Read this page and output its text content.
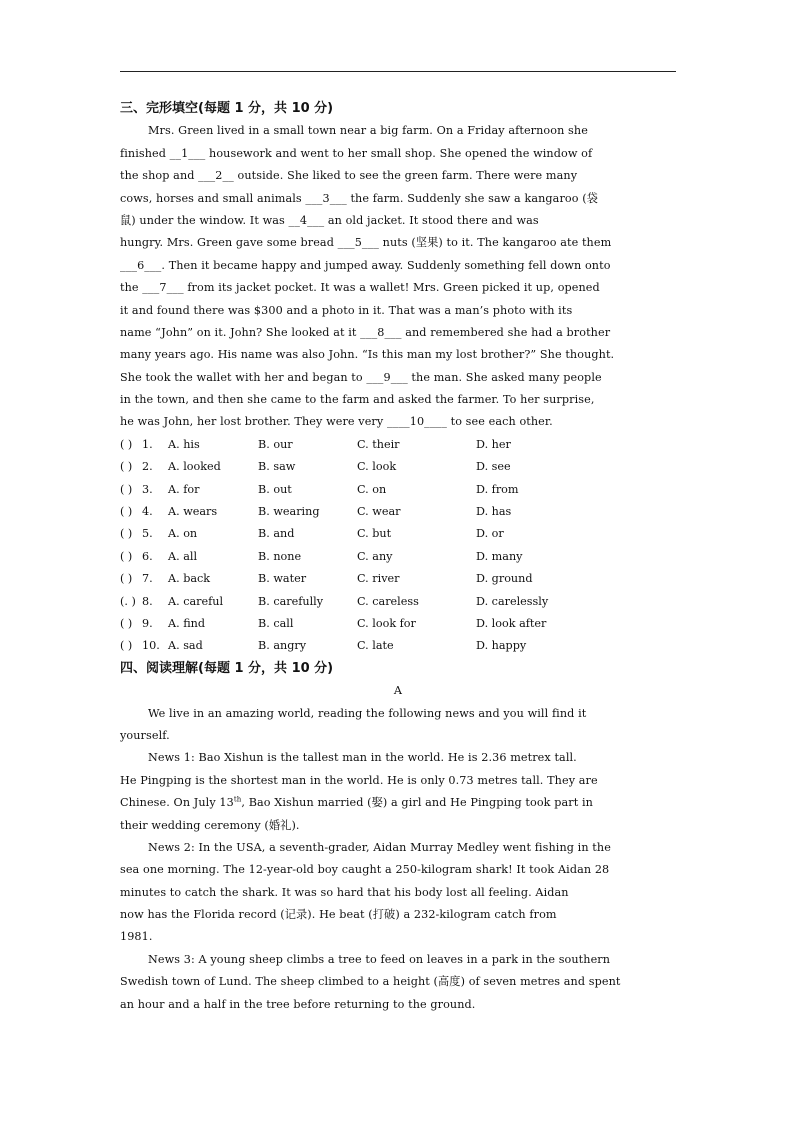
三、完形填空(每题 1 分，共 10 分)
Mrs. Green lived in a small town near a big farm. On a Friday afternoon she
finished __1___ housework and went to her small shop. She opened the window of
the shop and ___2__ outside. She liked to see the green farm. There were many
cows, horses and small animals ___3___ the farm. Suddenly she saw a kangaroo (袋
鼠) under the window. It was __4___ an old jacket. It stood there and was
hungry. Mrs. Green gave some bread ___5___ nuts (坚果) to it. The kangaroo ate them
___6___. Then it became happy and jumped away. Suddenly something fell down onto
the ___7___ from its jacket pocket. It was a wallet! Mrs. Green picked it up, opened
it and found there was $300 and a photo in it. That was a man’s photo with its
name “John” on it. John? She looked at it ___8___ and remembered she had a brother
many years ago. His name was also John. “Is this man my lost brother?” She thought.
She took the wallet with her and began to ___9___ the man. She asked many people
in the town, and then she came to the farm and asked the farmer. To her surprise,
he was John, her lost brother. They were very ____10____ to see each other.
( ) 1. A. his	B. our	C. their	D. her
( ) 2. A. looked	B. saw	C. look	D. see
( ) 3. A. for	B. out	C. on	D. from
( ) 4. A. wears	B. wearing	C. wear	D. has
( ) 5. A. on	B. and	C. but	D. or
( ) 6. A. all	B. none	C. any	D. many
( ) 7. A. back	B. water	C. river	D. ground
(. ) 8. A. careful	B. carefully	C. careless	D. carelessly
( ) 9. A. find	B. call	C. look for	D. look after
( ) 10. A. sad	B. angry	C. late	D. happy
四、阅读理解(每题 1 分，共 10 分)
A
We live in an amazing world, reading the following news and you will find it
yourself.
News 1: Bao Xishun is the tallest man in the world. He is 2.36 metrex tall.
He Pingping is the shortest man in the world. He is only 0.73 metres tall. They are
Chinese. On July 13th, Bao Xishun married (娶) a girl and He Pingping took part in
their wedding ceremony (婚礼).
News 2: In the USA, a seventh-grader, Aidan Murray Medley went fishing in the
sea one morning. The 12-year-old boy caught a 250-kilogram shark! It took Aidan 28
minutes to catch the shark. It was so hard that his body lost all feeling. Aidan
now has the Florida record (记录). He beat (打破) a 232-kilogram catch from
1981.
News 3: A young sheep climbs a tree to feed on leaves in a park in the southern
Swedish town of Lund. The sheep climbed to a height (高度) of seven metres and spent
an hour and a half in the tree before returning to the ground.
